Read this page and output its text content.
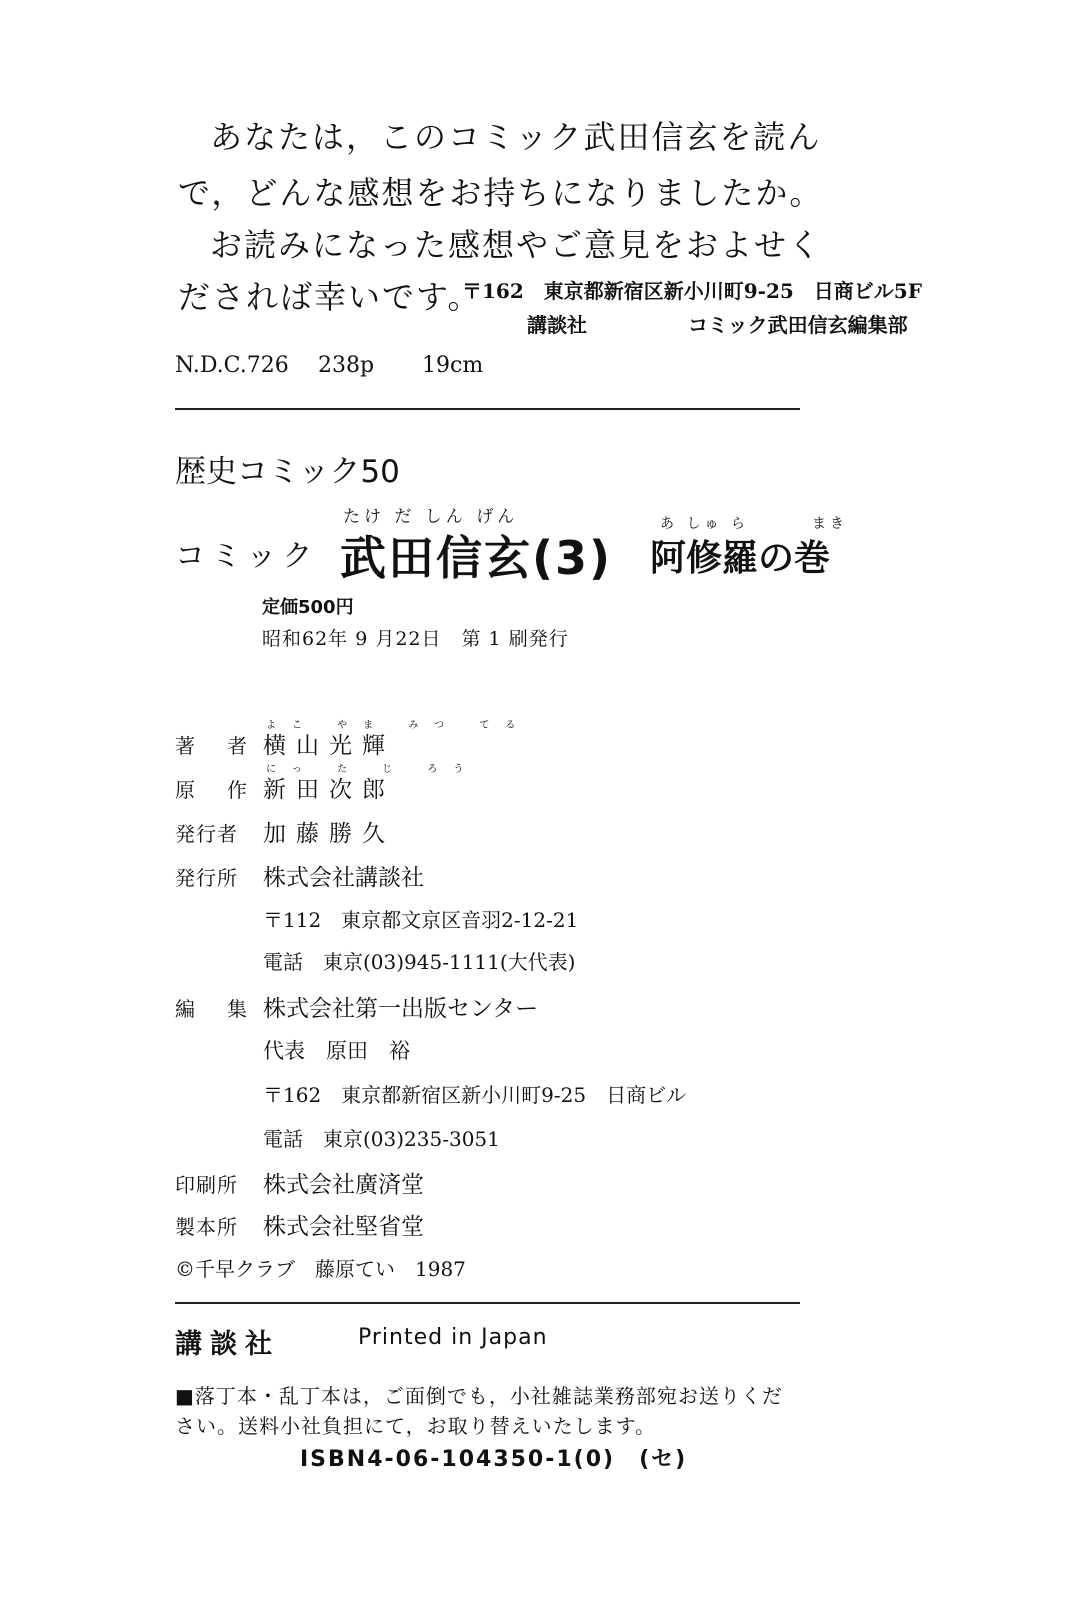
あなたは，このコミック武田信玄を読ん
で，どんな感想をお持ちになりましたか。
お読みになった感想やご意見をおよせく
だされば幸いです。
〒162　東京都新宿区新小川町9-25　日商ビル5F
講談社	コミック武田信玄編集部
N.D.C.726 238p 19cm
歴史コミック50
たけ だ しん げん
コミック 武田信玄(3)
あ しゅ ら	まき
阿修羅の巻
定価500円
昭和62年 9 月22日　第 1 刷発行
よこ やま みつ てる
著　者 横山光輝
にっ た じ ろう
原　作 新田次郎
発行者 加藤勝久
発行所 株式会社講談社
〒112　東京都文京区音羽2-12-21
電話　東京(03)945-1111(大代表)
編　集 株式会社第一出版センター
代表　原田　裕
〒162　東京都新宿区新小川町9-25　日商ビル
電話　東京(03)235-3051
印刷所 株式会社廣済堂
製本所 株式会社堅省堂
©千早クラブ　藤原てい　1987
講談社	Printed in Japan
■落丁本・乱丁本は，ご面倒でも，小社雑誌業務部宛お送りくだ
さい。送料小社負担にて，お取り替えいたします。
ISBN4-06-104350-1(0)　(セ)
